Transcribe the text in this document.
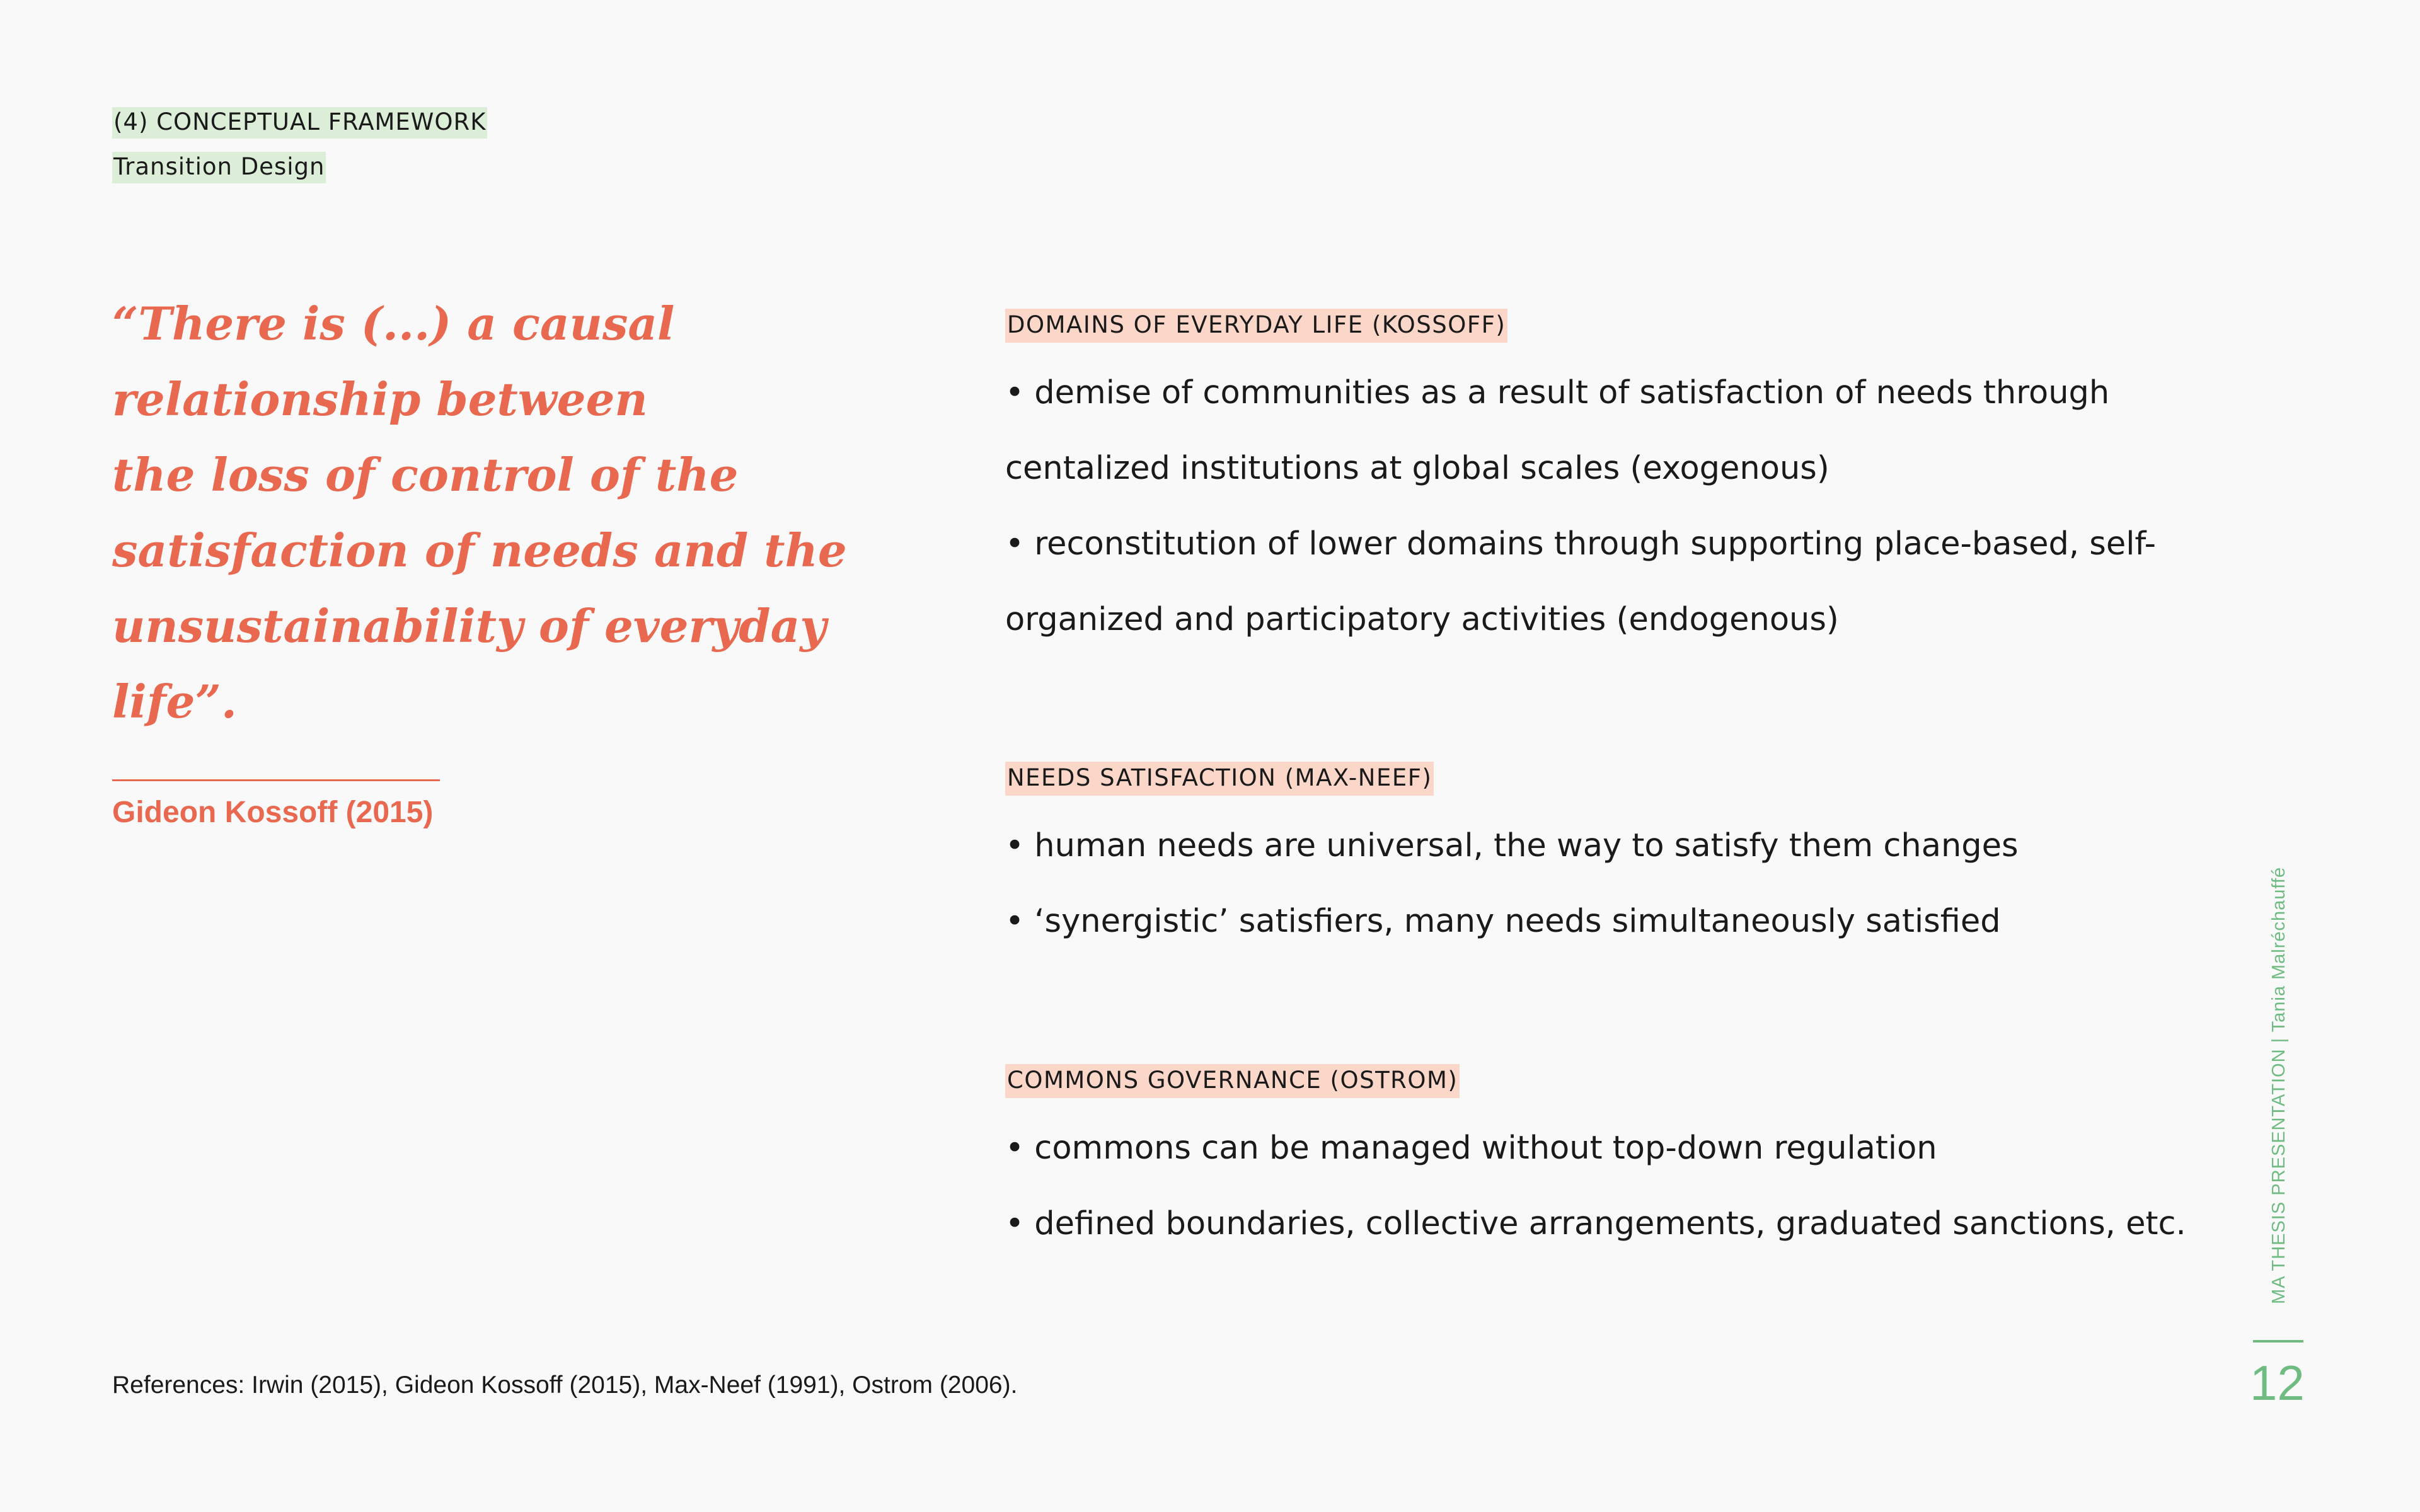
(4) CONCEPTUAL FRAMEWORK
Transition Design
“There is (...) a causal
relationship between
the loss of control of the
satisfaction of needs and the
unsustainability of everyday
life”.
Gideon Kossoff (2015)
DOMAINS OF EVERYDAY LIFE (KOSSOFF)
• demise of communities as a result of satisfaction of needs through
centalized institutions at global scales (exogenous)
• reconstitution of lower domains through supporting place-based, self-
organized and participatory activities (endogenous)
NEEDS SATISFACTION (MAX-NEEF)
• human needs are universal, the way to satisfy them changes
• ‘synergistic’ satisfiers, many needs simultaneously satisfied
COMMONS GOVERNANCE (OSTROM)
• commons can be managed without top-down regulation
• defined boundaries, collective arrangements, graduated sanctions, etc.
References: Irwin (2015), Gideon Kossoff (2015), Max-Neef (1991), Ostrom (2006).
MA THESIS PRESENTATION | Tania Malréchauffé
12
